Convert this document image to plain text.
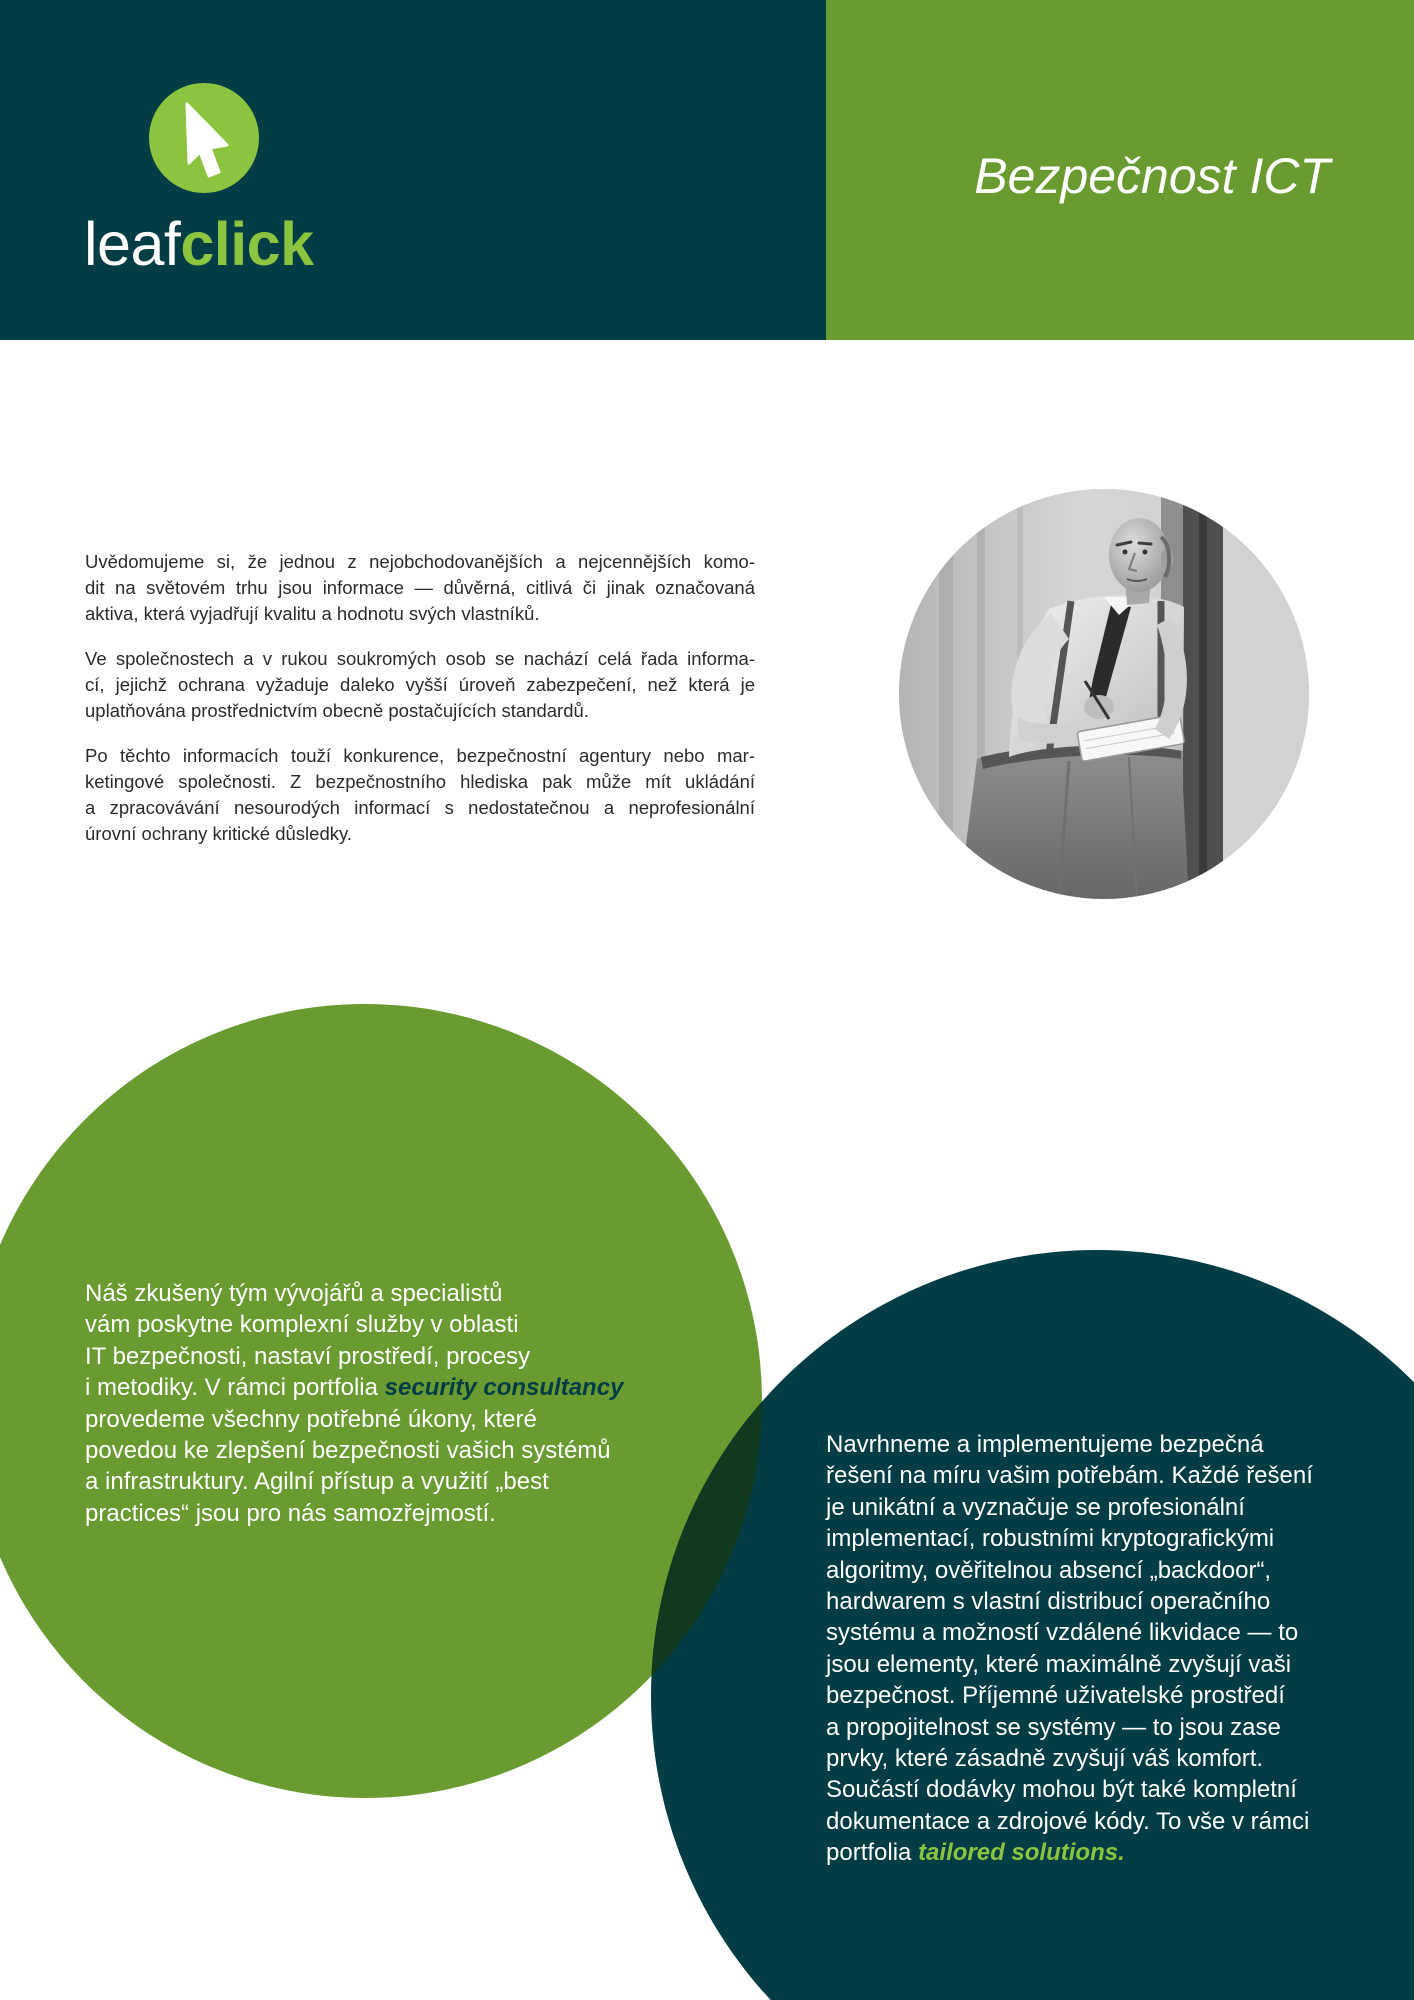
leafclick
Bezpečnost ICT

Uvědomujeme si, že jednou z nejobchodovanějších a nejcennějších komo-
dit na světovém trhu jsou informace — důvěrná, citlivá či jinak označovaná
aktiva, která vyjadřují kvalitu a hodnotu svých vlastníků.

Ve společnostech a v rukou soukromých osob se nachází celá řada informa-
cí, jejichž ochrana vyžaduje daleko vyšší úroveň zabezpečení, než která je
uplatňována prostřednictvím obecně postačujících standardů.

Po těchto informacích touží konkurence, bezpečnostní agentury nebo mar-
ketingové společnosti. Z bezpečnostního hlediska pak může mít ukládání
a zpracovávání nesourodých informací s nedostatečnou a neprofesionální
úrovní ochrany kritické důsledky.

Náš zkušený tým vývojářů a specialistů
vám poskytne komplexní služby v oblasti
IT bezpečnosti, nastaví prostředí, procesy
i metodiky. V rámci portfolia security consultancy
provedeme všechny potřebné úkony, které
povedou ke zlepšení bezpečnosti vašich systémů
a infrastruktury. Agilní přístup a využití „best
practices“ jsou pro nás samozřejmostí.
Navrhneme a implementujeme bezpečná
řešení na míru vašim potřebám. Každé řešení
je unikátní a vyznačuje se profesionální
implementací, robustními kryptografickými
algoritmy, ověřitelnou absencí „backdoor“,
hardwarem s vlastní distribucí operačního
systému a možností vzdálené likvidace — to
jsou elementy, které maximálně zvyšují vaši
bezpečnost. Příjemné uživatelské prostředí
a propojitelnost se systémy — to jsou zase
prvky, které zásadně zvyšují váš komfort.
Součástí dodávky mohou být také kompletní
dokumentace a zdrojové kódy. To vše v rámci
portfolia tailored solutions.
